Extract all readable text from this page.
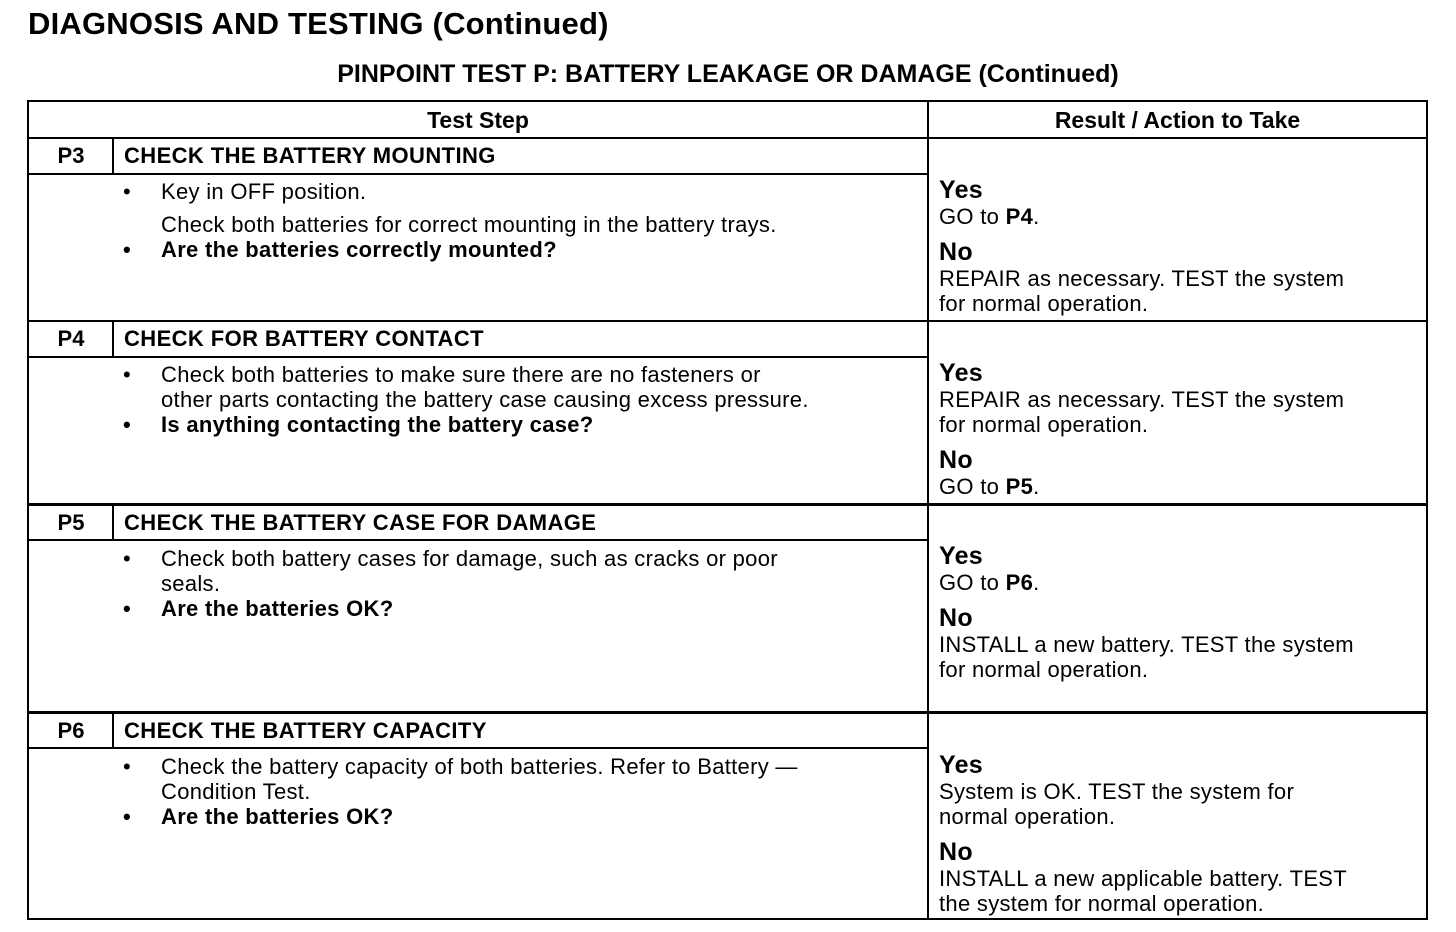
DIAGNOSIS AND TESTING (Continued)
PINPOINT TEST P: BATTERY LEAKAGE OR DAMAGE (Continued)
Test Step	Result / Action to Take
P3	CHECK THE BATTERY MOUNTING
• Key in OFF position.
Check both batteries for correct mounting in the battery trays.
• Are the batteries correctly mounted?
Yes
GO to P4.
No
REPAIR as necessary. TEST the system
for normal operation.
P4	CHECK FOR BATTERY CONTACT
• Check both batteries to make sure there are no fasteners or
other parts contacting the battery case causing excess pressure.
• Is anything contacting the battery case?
Yes
REPAIR as necessary. TEST the system
for normal operation.
No
GO to P5.
P5	CHECK THE BATTERY CASE FOR DAMAGE
• Check both battery cases for damage, such as cracks or poor
seals.
• Are the batteries OK?
Yes
GO to P6.
No
INSTALL a new battery. TEST the system
for normal operation.
P6	CHECK THE BATTERY CAPACITY
• Check the battery capacity of both batteries. Refer to Battery —
Condition Test.
• Are the batteries OK?
Yes
System is OK. TEST the system for
normal operation.
No
INSTALL a new applicable battery. TEST
the system for normal operation.
